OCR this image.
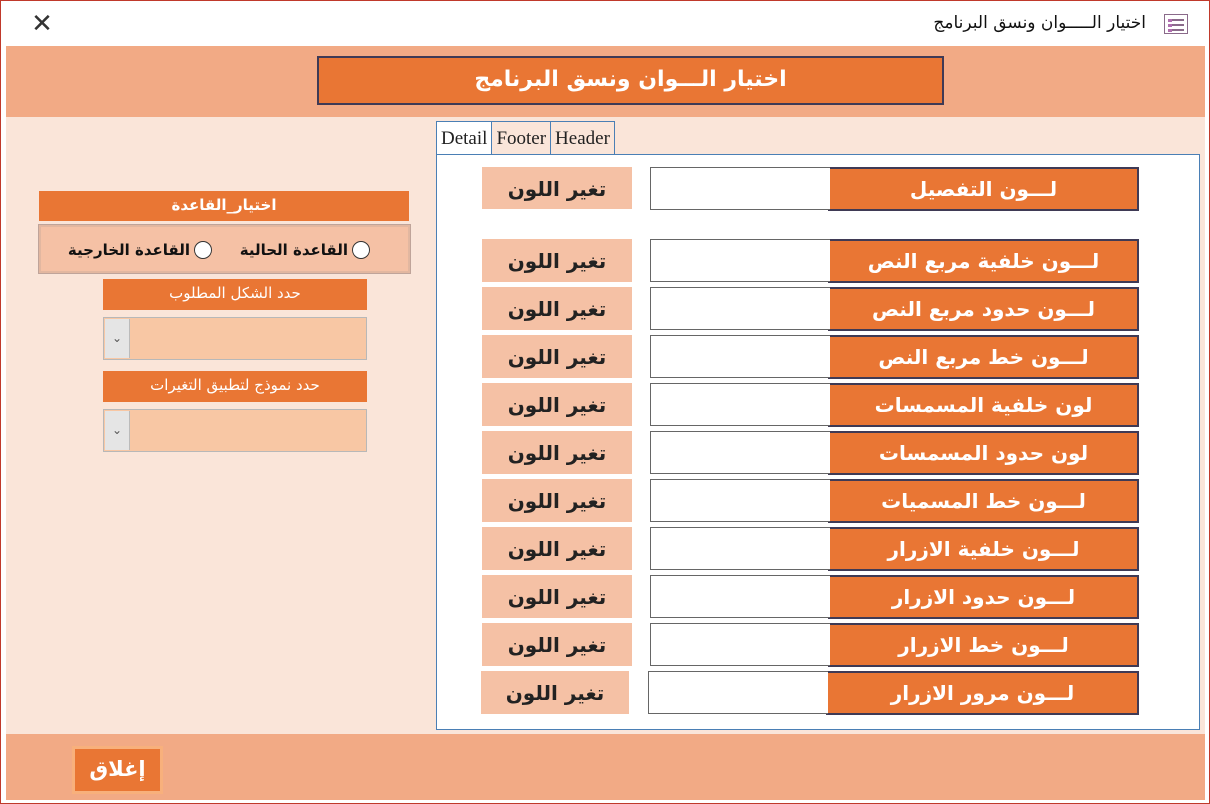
✕	اختيار الـــــوان ونسق البرنامج
اختيار الـــوان ونسق البرنامج
Detail Footer Header
لـــون التفصيل
تغير اللون
لـــون خلفية مربع النص
تغير اللون
لـــون حدود مربع النص
تغير اللون
لـــون خط مربع النص
تغير اللون
لون خلفية المسمسات
تغير اللون
لون حدود المسمسات
تغير اللون
لـــون خط المسميات
تغير اللون
لـــون خلفية الازرار
تغير اللون
لـــون حدود الازرار
تغير اللون
لـــون خط الازرار
تغير اللون
لـــون مرور الازرار
تغير اللون
اختيار_القاعدة
القاعدة الحالية
القاعدة الخارجية
حدد الشكل المطلوب
⌄
حدد نموذج لتطبيق التغيرات
⌄
إغلاق
